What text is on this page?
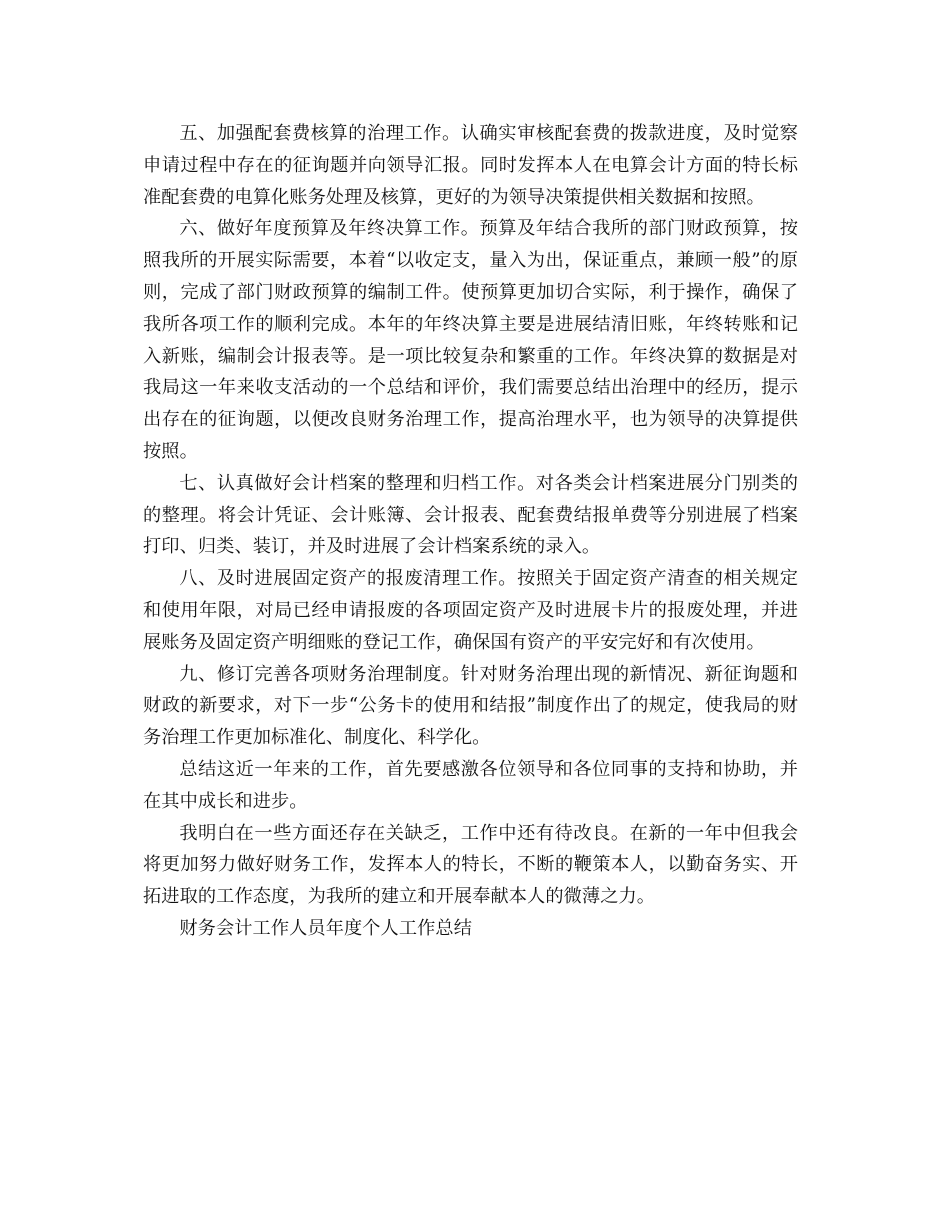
五、加强配套费核算的治理工作。认确实审核配套费的拨款进度，及时觉察申请过程中存在的征询题并向领导汇报。同时发挥本人在电算会计方面的特长标准配套费的电算化账务处理及核算，更好的为领导决策提供相关数据和按照。

六、做好年度预算及年终决算工作。预算及年结合我所的部门财政预算，按照我所的开展实际需要，本着“以收定支，量入为出，保证重点，兼顾一般”的原则，完成了部门财政预算的编制工件。使预算更加切合实际，利于操作，确保了我所各项工作的顺利完成。本年的年终决算主要是进展结清旧账，年终转账和记入新账，编制会计报表等。是一项比较复杂和繁重的工作。年终决算的数据是对我局这一年来收支活动的一个总结和评价，我们需要总结出治理中的经历，提示出存在的征询题，以便改良财务治理工作，提高治理水平，也为领导的决算提供按照。

七、认真做好会计档案的整理和归档工作。对各类会计档案进展分门别类的的整理。将会计凭证、会计账簿、会计报表、配套费结报单费等分别进展了档案打印、归类、装订，并及时进展了会计档案系统的录入。

八、及时进展固定资产的报废清理工作。按照关于固定资产清查的相关规定和使用年限，对局已经申请报废的各项固定资产及时进展卡片的报废处理，并进展账务及固定资产明细账的登记工作，确保国有资产的平安完好和有次使用。

九、修订完善各项财务治理制度。针对财务治理出现的新情况、新征询题和财政的新要求，对下一步“公务卡的使用和结报”制度作出了的规定，使我局的财务治理工作更加标准化、制度化、科学化。

总结这近一年来的工作，首先要感激各位领导和各位同事的支持和协助，并在其中成长和进步。

我明白在一些方面还存在关缺乏，工作中还有待改良。在新的一年中但我会将更加努力做好财务工作，发挥本人的特长，不断的鞭策本人，以勤奋务实、开拓进取的工作态度，为我所的建立和开展奉献本人的微薄之力。

财务会计工作人员年度个人工作总结
